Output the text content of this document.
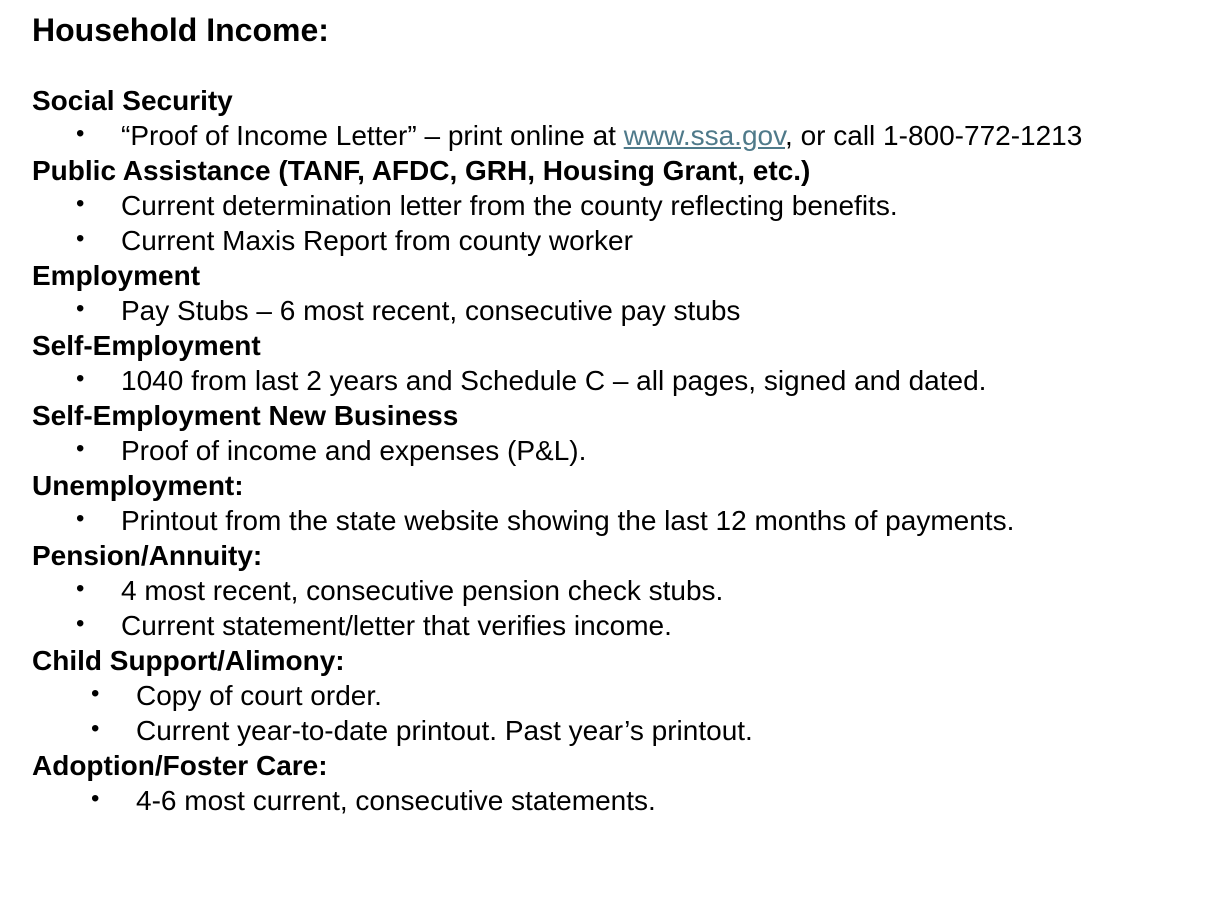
Household Income:
Social Security
• “Proof of Income Letter” – print online at www.ssa.gov, or call 1-800-772-1213
Public Assistance (TANF, AFDC, GRH, Housing Grant, etc.)
• Current determination letter from the county reflecting benefits.
• Current Maxis Report from county worker
Employment
• Pay Stubs – 6 most recent, consecutive pay stubs
Self-Employment
• 1040 from last 2 years and Schedule C – all pages, signed and dated.
Self-Employment New Business
• Proof of income and expenses (P&L).
Unemployment:
• Printout from the state website showing the last 12 months of payments.
Pension/Annuity:
• 4 most recent, consecutive pension check stubs.
• Current statement/letter that verifies income.
Child Support/Alimony:
• Copy of court order.
• Current year-to-date printout. Past year’s printout.
Adoption/Foster Care:
• 4-6 most current, consecutive statements.
